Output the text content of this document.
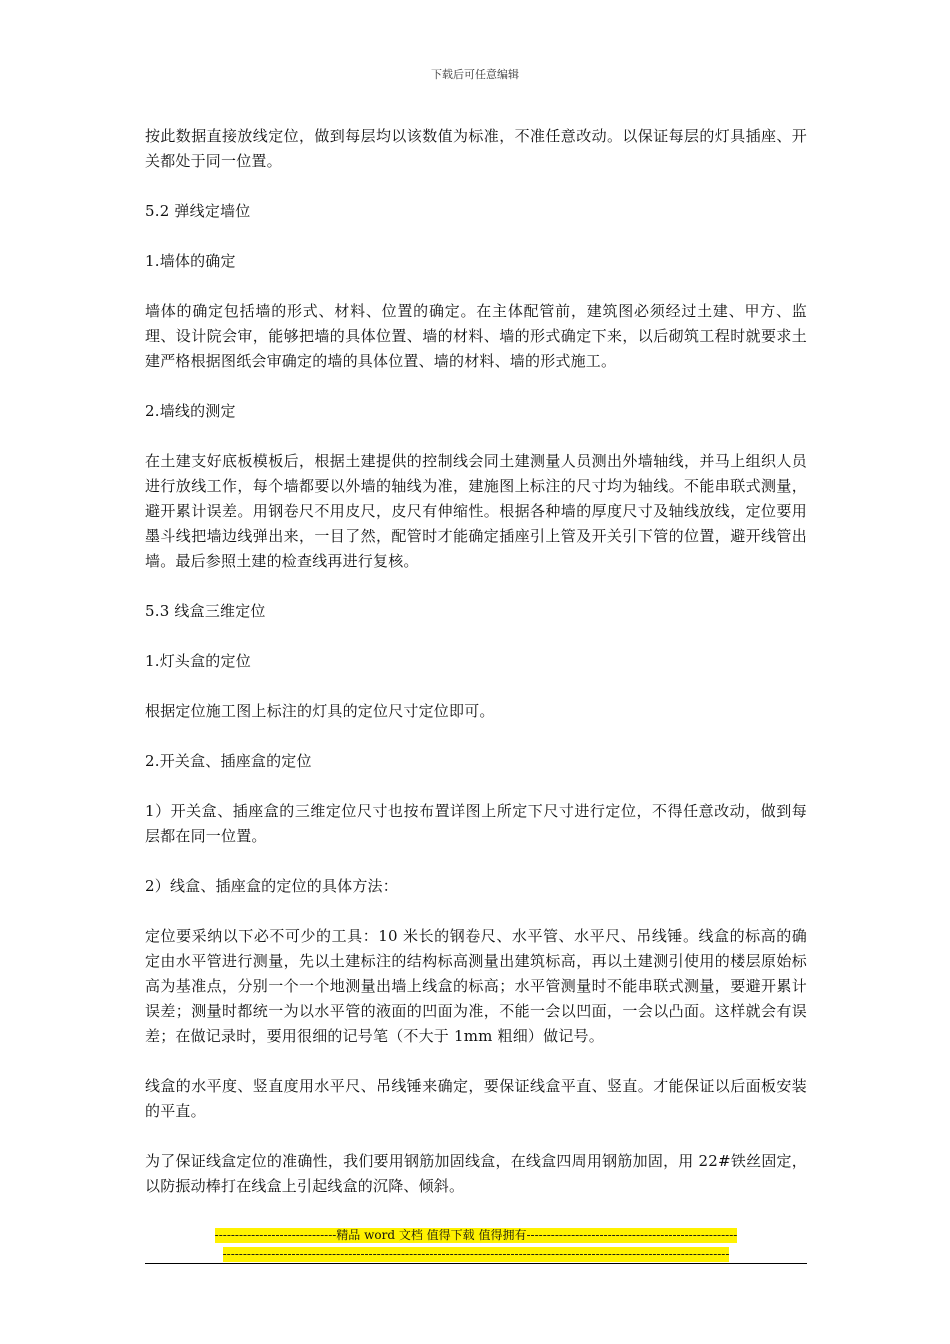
下载后可任意编辑

按此数据直接放线定位，做到每层均以该数值为标准，不准任意改动。以保证每层的灯具插座、开关都处于同一位置。

5.2 弹线定墙位

1.墙体的确定

墙体的确定包括墙的形式、材料、位置的确定。在主体配管前，建筑图必须经过土建、甲方、监理、设计院会审，能够把墙的具体位置、墙的材料、墙的形式确定下来，以后砌筑工程时就要求土建严格根据图纸会审确定的墙的具体位置、墙的材料、墙的形式施工。

2.墙线的测定

在土建支好底板模板后，根据土建提供的控制线会同土建测量人员测出外墙轴线，并马上组织人员进行放线工作，每个墙都要以外墙的轴线为准，建施图上标注的尺寸均为轴线。不能串联式测量，避开累计误差。用钢卷尺不用皮尺，皮尺有伸缩性。根据各种墙的厚度尺寸及轴线放线，定位要用墨斗线把墙边线弹出来，一目了然，配管时才能确定插座引上管及开关引下管的位置，避开线管出墙。最后参照土建的检查线再进行复核。

5.3 线盒三维定位

1.灯头盒的定位

根据定位施工图上标注的灯具的定位尺寸定位即可。

2.开关盒、插座盒的定位

1）开关盒、插座盒的三维定位尺寸也按布置详图上所定下尺寸进行定位，不得任意改动，做到每层都在同一位置。

2）线盒、插座盒的定位的具体方法：

定位要采纳以下必不可少的工具：10 米长的钢卷尺、水平管、水平尺、吊线锤。线盒的标高的确定由水平管进行测量，先以土建标注的结构标高测量出建筑标高，再以土建测引使用的楼层原始标高为基准点，分别一个一个地测量出墙上线盒的标高；水平管测量时不能串联式测量，要避开累计误差；测量时都统一为以水平管的液面的凹面为准，不能一会以凹面，一会以凸面。这样就会有误差；在做记录时，要用很细的记号笔（不大于 1mm 粗细）做记号。

线盒的水平度、竖直度用水平尺、吊线锤来确定，要保证线盒平直、竖直。才能保证以后面板安装的平直。

为了保证线盒定位的准确性，我们要用钢筋加固线盒，在线盒四周用钢筋加固，用 22#铁丝固定，以防振动棒打在线盒上引起线盒的沉降、倾斜。

------------------------------精品 word 文档 值得下载 值得拥有----------------------------------------------------
-----------------------------------------------------------------------------------------------------------------------------
